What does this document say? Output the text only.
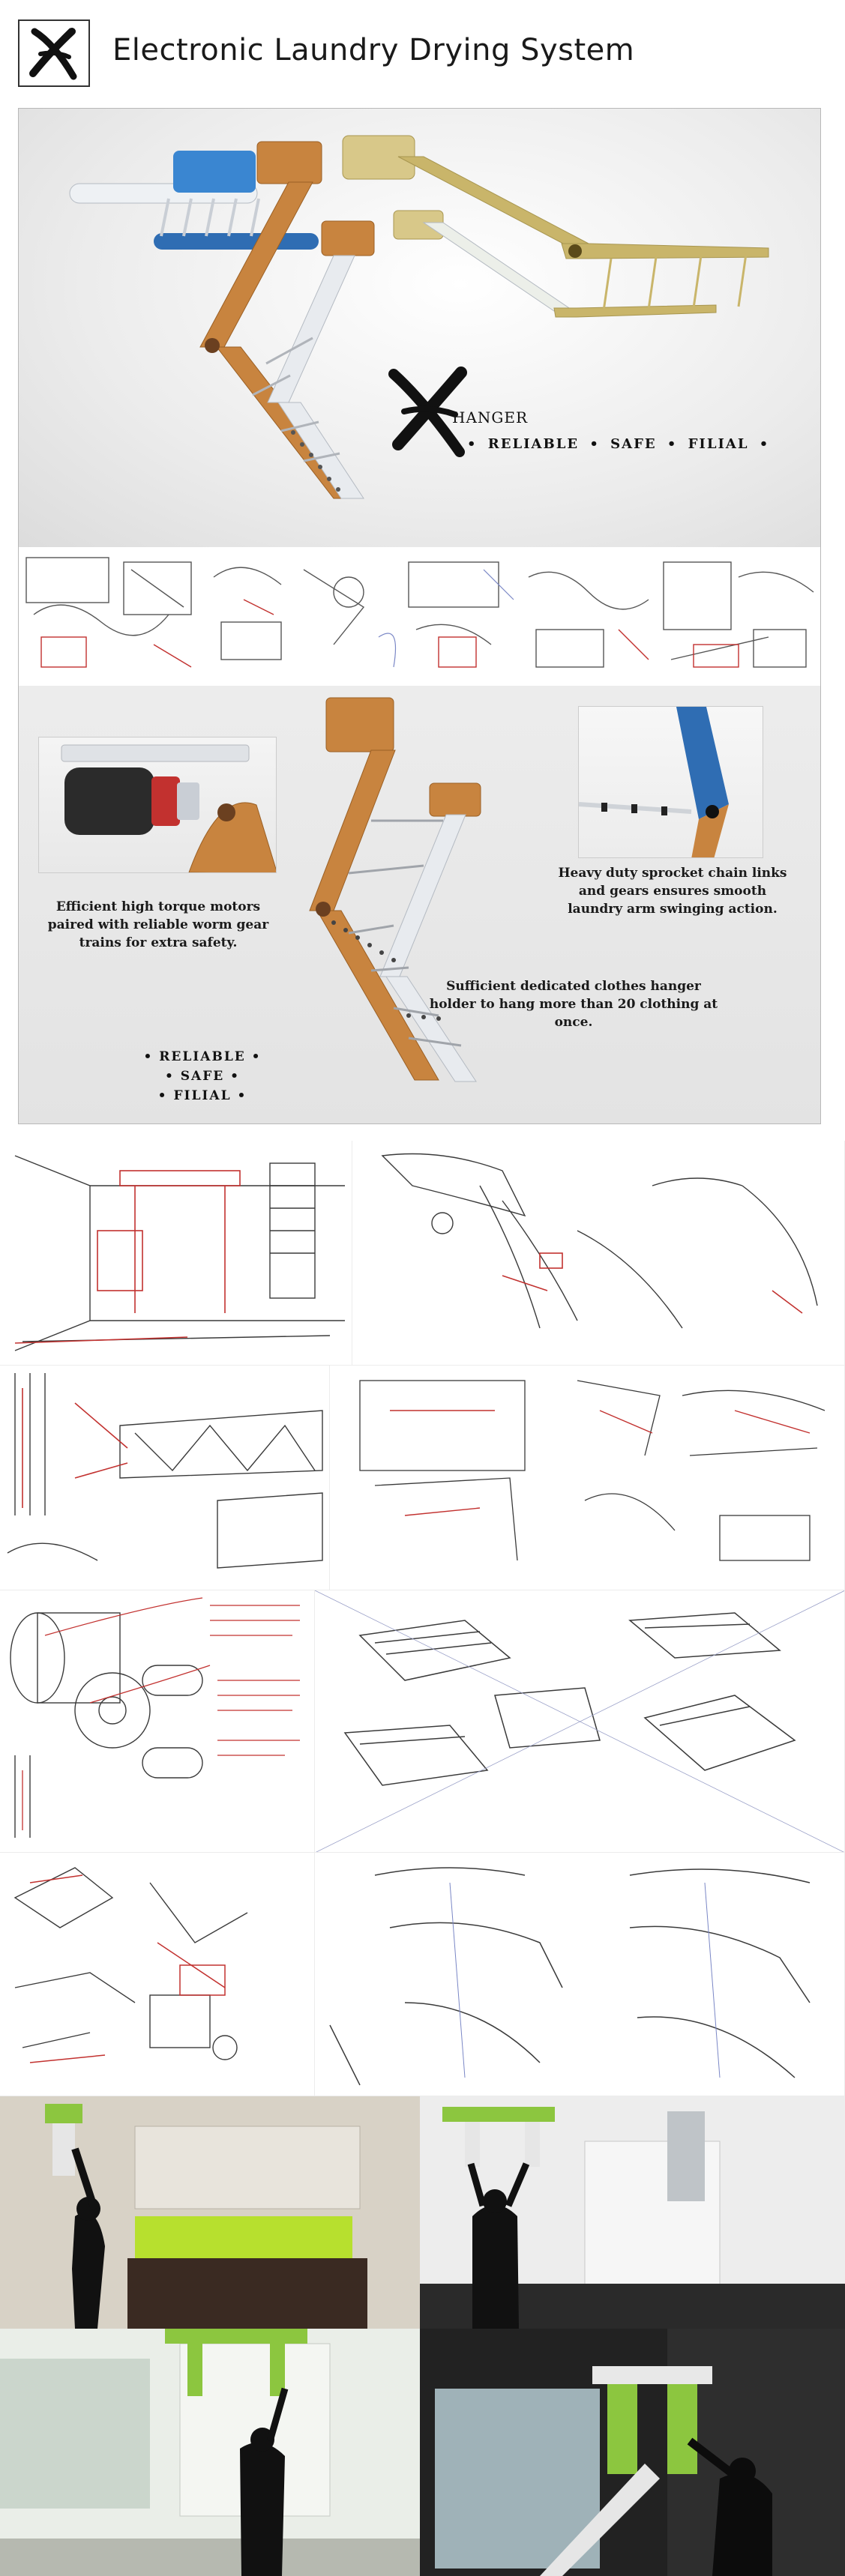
Electronic Laundry Drying System
HANGER
• RELIABLE • SAFE • FILIAL •
Efficient high torque motors paired with reliable worm gear trains for extra safety.
Heavy duty sprocket chain links and gears ensures smooth laundry arm swinging action.
Sufficient dedicated clothes hanger holder to hang more than 20 clothing at once.
• RELIABLE •
• SAFE •
• FILIAL •
